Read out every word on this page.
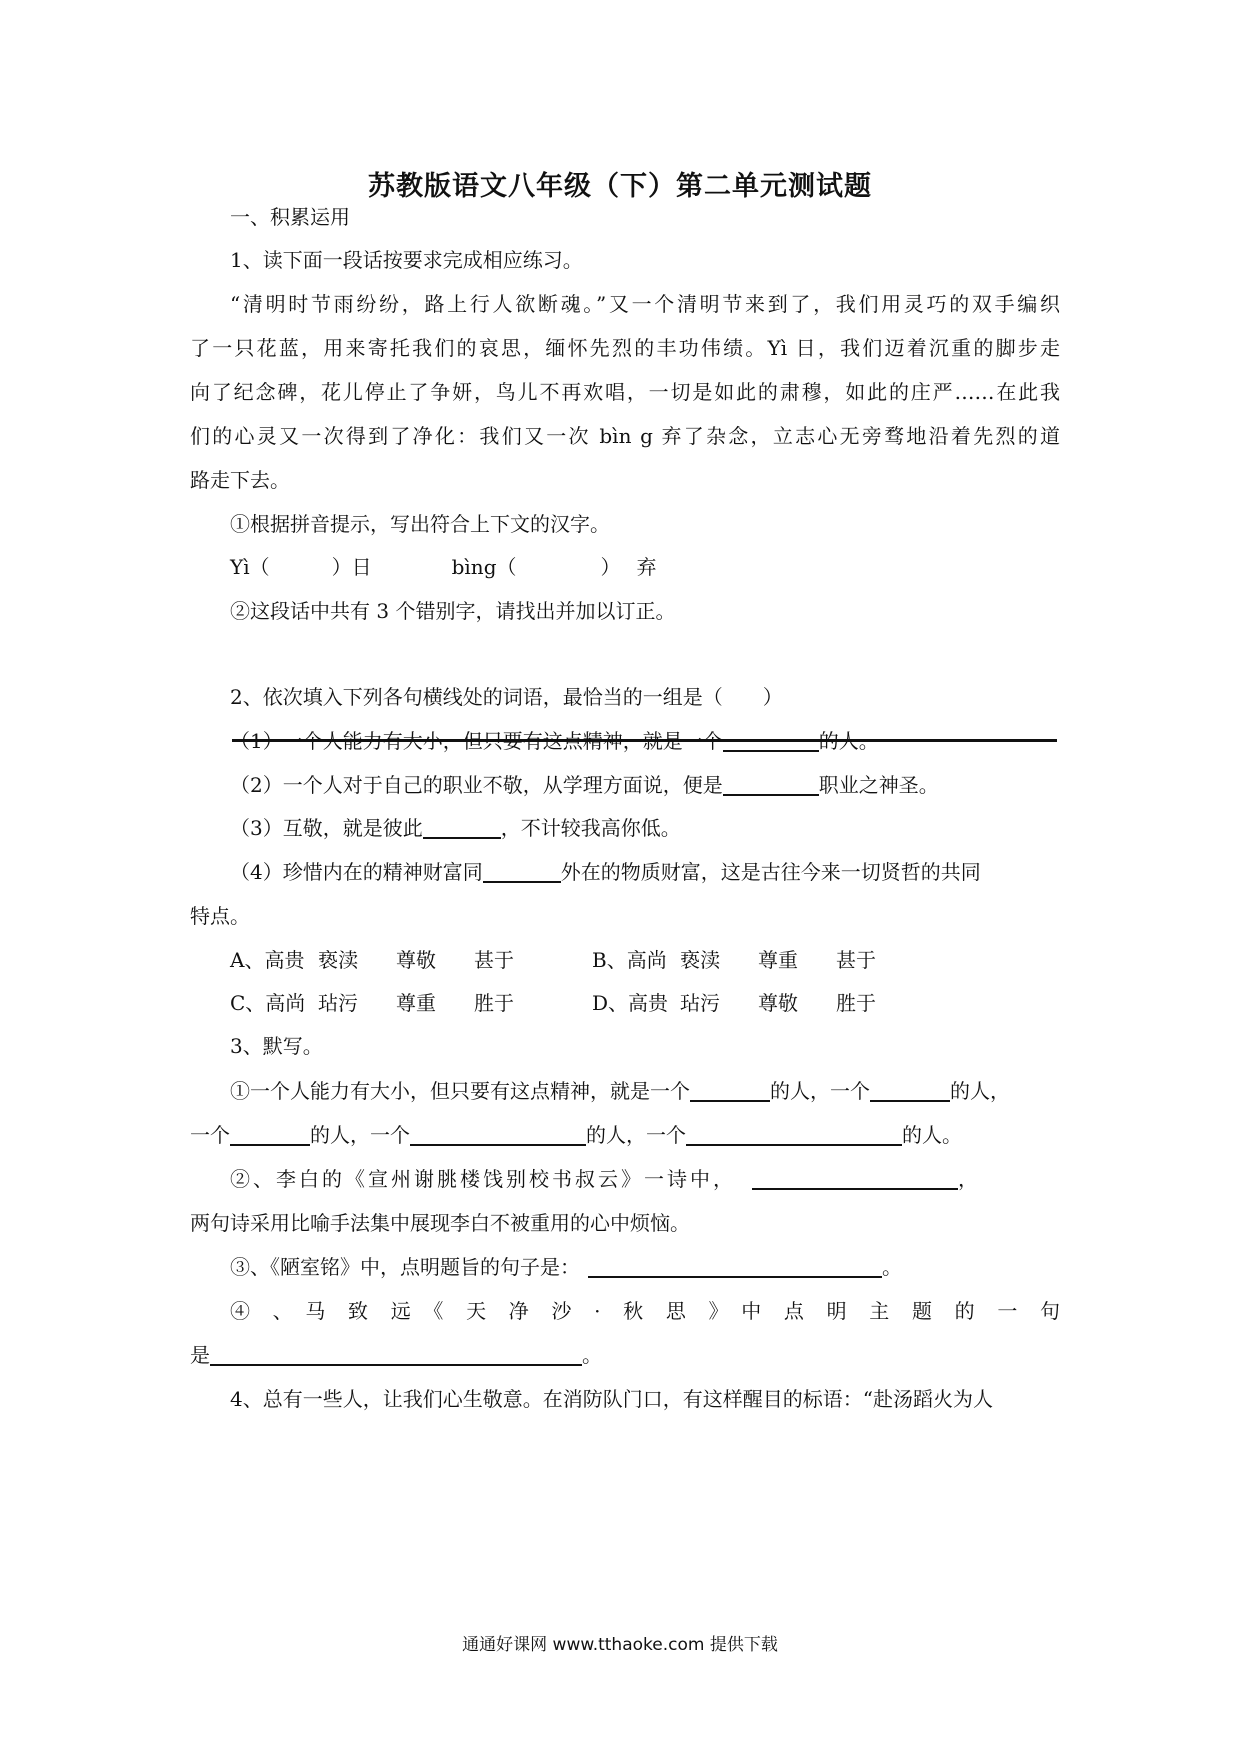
苏教版语文八年级（下）第二单元测试题
一、积累运用
1、读下面一段话按要求完成相应练习。
“清明时节雨纷纷，路上行人欲断魂。”又一个清明节来到了，我们用灵巧的双手编织
了一只花蓝，用来寄托我们的哀思，缅怀先烈的丰功伟绩。Yì 日，我们迈着沉重的脚步走
向了纪念碑，花儿停止了争妍，鸟儿不再欢唱，一切是如此的肃穆，如此的庄严……在此我
们的心灵又一次得到了净化：我们又一次 bìn g 弃了杂念，立志心无旁骛地沿着先烈的道
路走下去。
①根据拼音提示，写出符合上下文的汉字。
Yì（	）日	bìng（	） 弃
②这段话中共有 3 个错别字，请找出并加以订正。
2、依次填入下列各句横线处的词语，最恰当的一组是（　　）
（1）一个人能力有大小，但只要有这点精神，就是一个	的人。
（2）一个人对于自己的职业不敬，从学理方面说，便是	职业之神圣。
（3）互敬，就是彼此	，不计较我高你低。
（4）珍惜内在的精神财富同	外在的物质财富，这是古往今来一切贤哲的共同
特点。
A、高贵 亵渎 尊敬 甚于	B、高尚 亵渎 尊重 甚于
C、高尚 玷污 尊重 胜于	D、高贵 玷污 尊敬 胜于
3、默写。
①一个人能力有大小，但只要有这点精神，就是一个	的人，一个	的人，
一个	的人，一个	的人，一个	的人。
②、李白的《宣州谢朓楼饯别校书叔云》一诗中，	，
两句诗采用比喻手法集中展现李白不被重用的心中烦恼。
③、《陋室铭》中，点明题旨的句子是：	。
④　、　马　致　远　《　天　净　沙　·　秋　思　》　中　点　明　主　题　的　一　句
是	。
4、总有一些人，让我们心生敬意。在消防队门口，有这样醒目的标语：“赴汤蹈火为人
通通好课网 www.tthaoke.com 提供下载
